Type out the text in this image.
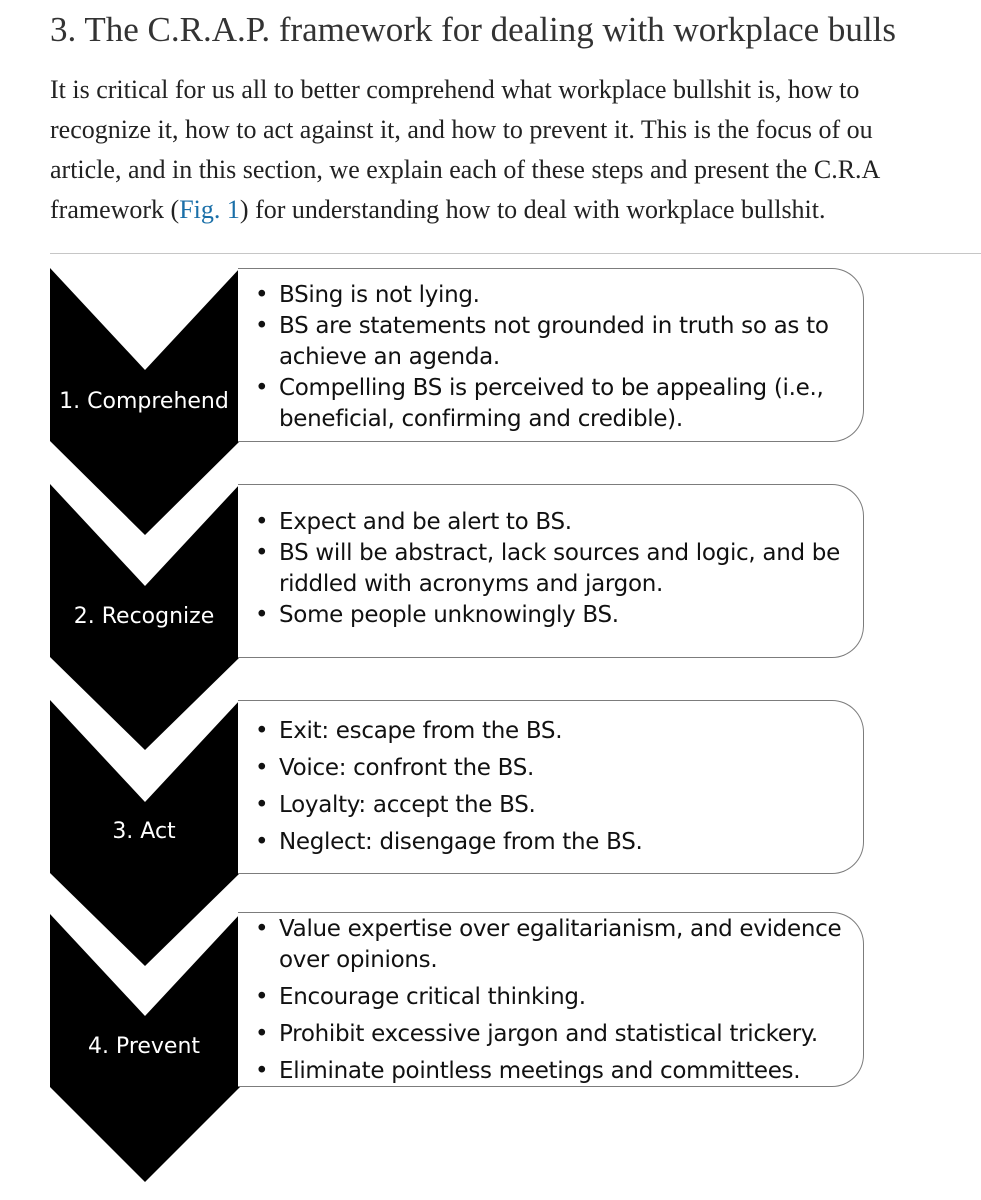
3. The C.R.A.P. framework for dealing with workplace bulls

It is critical for us all to better comprehend what workplace bullshit is, how to
recognize it, how to act against it, and how to prevent it. This is the focus of ou
article, and in this section, we explain each of these steps and present the C.R.A
framework (Fig. 1) for understanding how to deal with workplace bullshit.

• BSing is not lying.
• BS are statements not grounded in truth so as to achieve an agenda.
• Compelling BS is perceived to be appealing (i.e., beneficial, confirming and credible).
1. Comprehend
• Expect and be alert to BS.
• BS will be abstract, lack sources and logic, and be riddled with acronyms and jargon.
• Some people unknowingly BS.
2. Recognize
• Exit: escape from the BS.
• Voice: confront the BS.
• Loyalty: accept the BS.
• Neglect: disengage from the BS.
3. Act
• Value expertise over egalitarianism, and evidence over opinions.
• Encourage critical thinking.
• Prohibit excessive jargon and statistical trickery.
• Eliminate pointless meetings and committees.
4. Prevent
